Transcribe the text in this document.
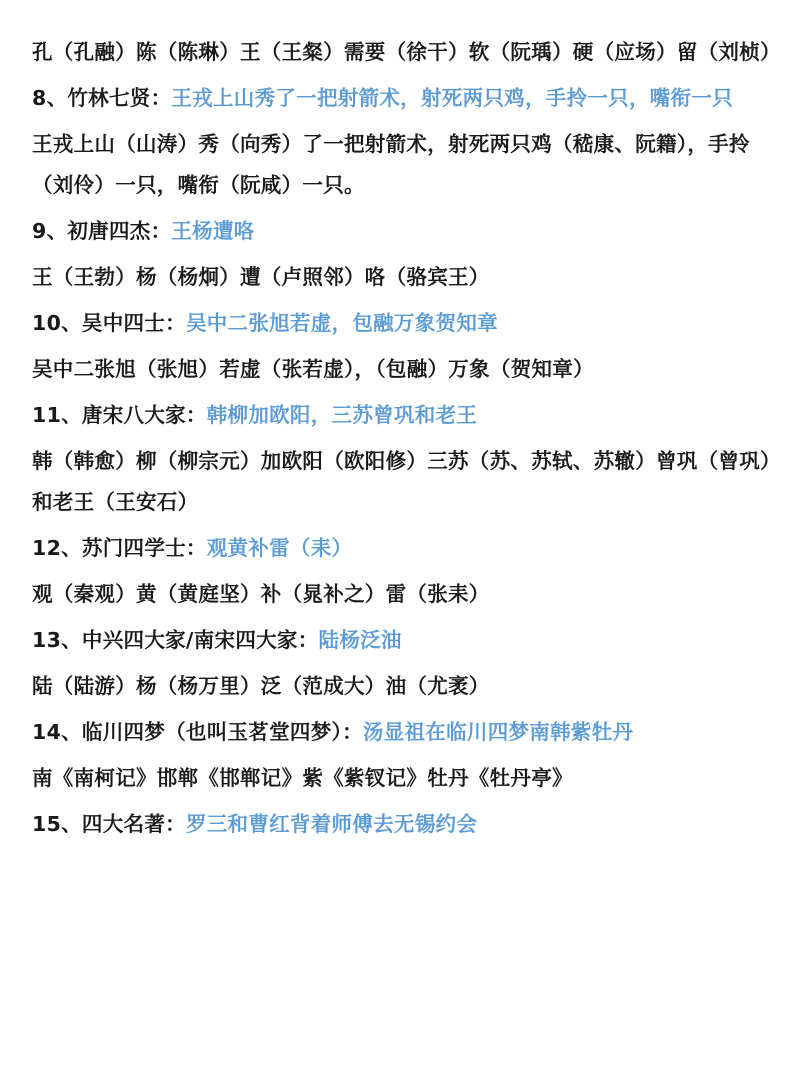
孔（孔融）陈（陈琳）王（王粲）需要（徐干）软（阮瑀）硬（应场）留（刘桢）
8、竹林七贤：王戎上山秀了一把射箭术，射死两只鸡，手拎一只，嘴衔一只
王戎上山（山涛）秀（向秀）了一把射箭术，射死两只鸡（嵇康、阮籍），手拎（刘伶）一只，嘴衔（阮咸）一只。
9、初唐四杰：王杨遭咯
王（王勃）杨（杨炯）遭（卢照邻）咯（骆宾王）
10、吴中四士：吴中二张旭若虚，包融万象贺知章
吴中二张旭（张旭）若虚（张若虚），（包融）万象（贺知章）
11、唐宋八大家：韩柳加欧阳，三苏曾巩和老王
韩（韩愈）柳（柳宗元）加欧阳（欧阳修）三苏（苏、苏轼、苏辙）曾巩（曾巩）和老王（王安石）
12、苏门四学士：观黄补雷（耒）
观（秦观）黄（黄庭坚）补（晁补之）雷（张耒）
13、中兴四大家/南宋四大家：陆杨泛油
陆（陆游）杨（杨万里）泛（范成大）油（尤袤）
14、临川四梦（也叫玉茗堂四梦）：汤显祖在临川四梦南韩紫牡丹
南《南柯记》邯郸《邯郸记》紫《紫钗记》牡丹《牡丹亭》
15、四大名著：罗三和曹红背着师傅去无锡约会
